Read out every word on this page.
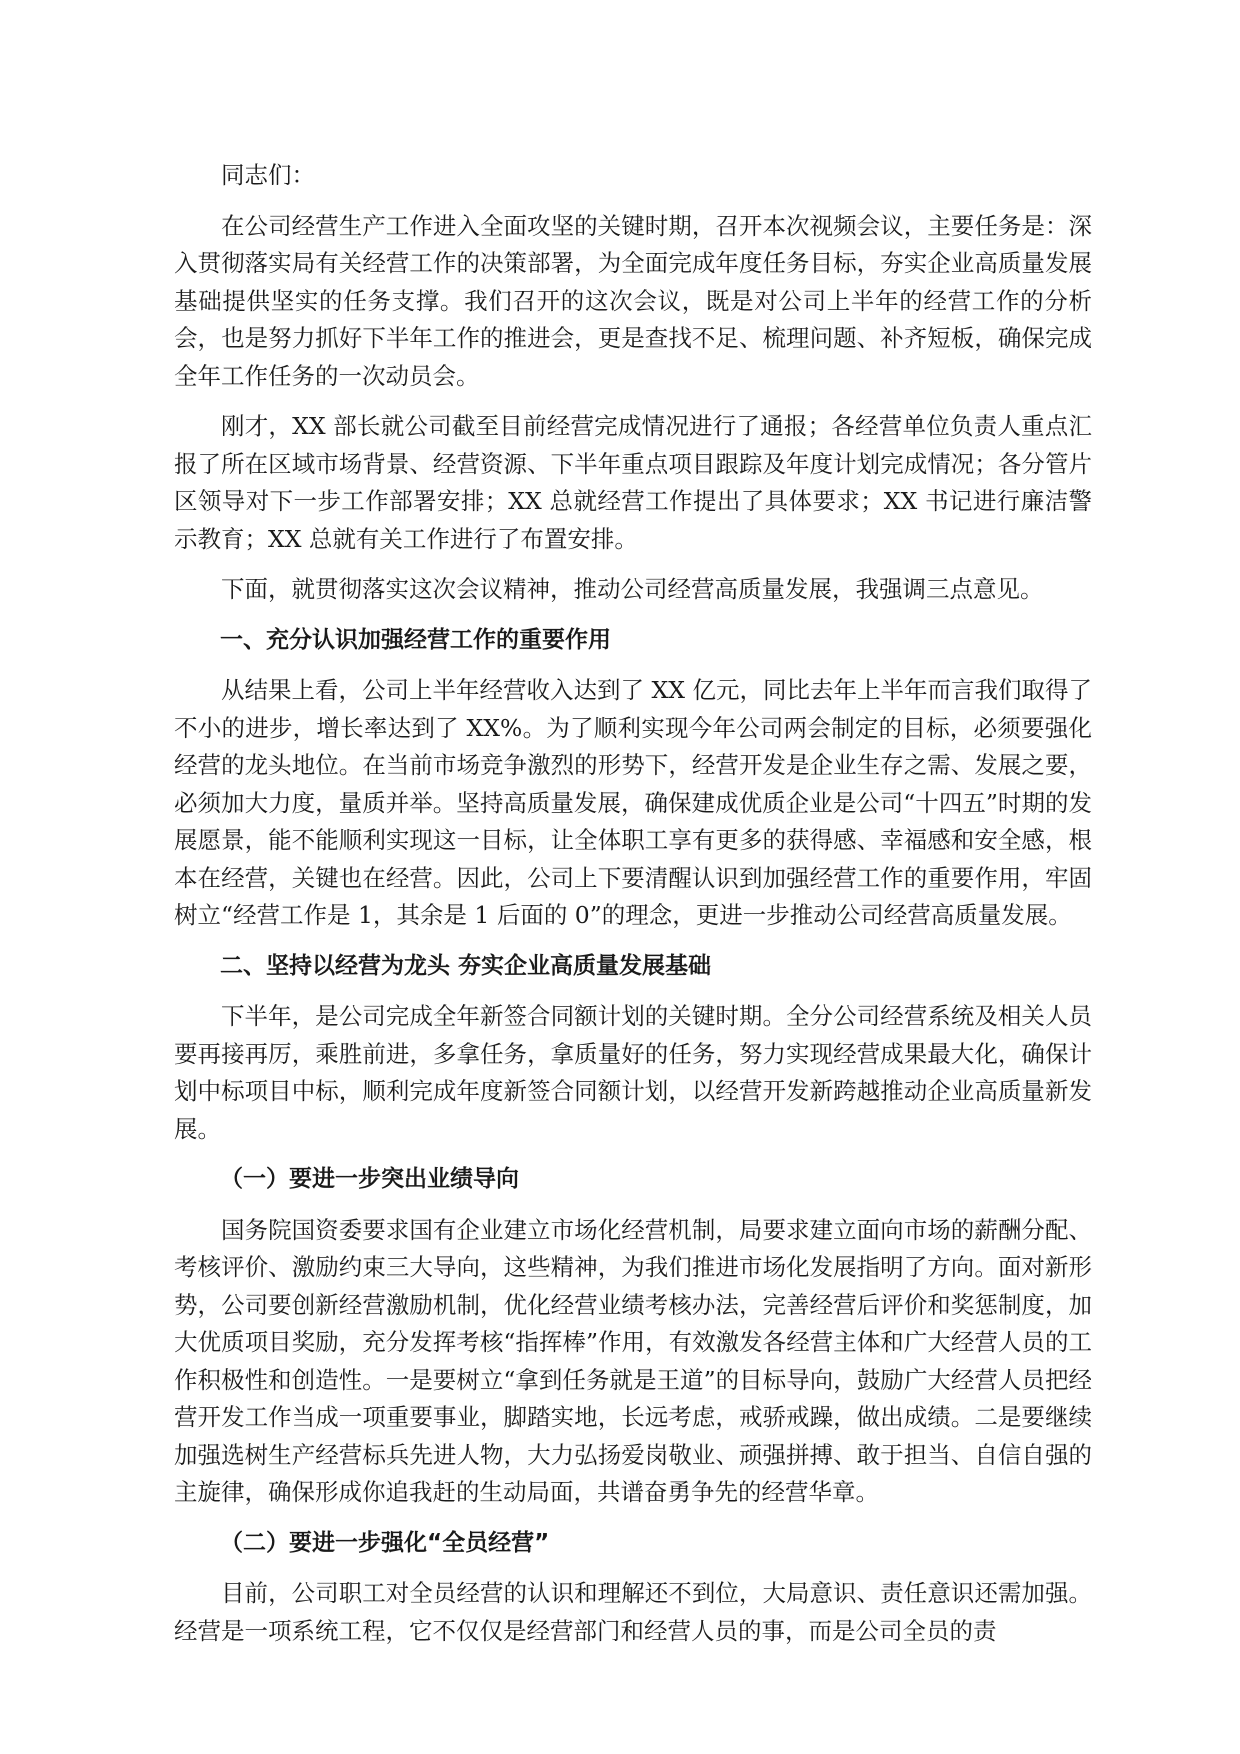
同志们：

在公司经营生产工作进入全面攻坚的关键时期，召开本次视频会议，主要任务是：深入贯彻落实局有关经营工作的决策部署，为全面完成年度任务目标，夯实企业高质量发展基础提供坚实的任务支撑。我们召开的这次会议，既是对公司上半年的经营工作的分析会，也是努力抓好下半年工作的推进会，更是查找不足、梳理问题、补齐短板，确保完成全年工作任务的一次动员会。

刚才，XX 部长就公司截至目前经营完成情况进行了通报；各经营单位负责人重点汇报了所在区域市场背景、经营资源、下半年重点项目跟踪及年度计划完成情况；各分管片区领导对下一步工作部署安排；XX 总就经营工作提出了具体要求；XX 书记进行廉洁警示教育；XX 总就有关工作进行了布置安排。

下面，就贯彻落实这次会议精神，推动公司经营高质量发展，我强调三点意见。

一、充分认识加强经营工作的重要作用

从结果上看，公司上半年经营收入达到了 XX 亿元，同比去年上半年而言我们取得了不小的进步，增长率达到了 XX%。为了顺利实现今年公司两会制定的目标，必须要强化经营的龙头地位。在当前市场竞争激烈的形势下，经营开发是企业生存之需、发展之要，必须加大力度，量质并举。坚持高质量发展，确保建成优质企业是公司“十四五”时期的发展愿景，能不能顺利实现这一目标，让全体职工享有更多的获得感、幸福感和安全感，根本在经营，关键也在经营。因此，公司上下要清醒认识到加强经营工作的重要作用，牢固树立“经营工作是 1，其余是 1 后面的 0”的理念，更进一步推动公司经营高质量发展。

二、坚持以经营为龙头 夯实企业高质量发展基础

下半年，是公司完成全年新签合同额计划的关键时期。全分公司经营系统及相关人员要再接再厉，乘胜前进，多拿任务，拿质量好的任务，努力实现经营成果最大化，确保计划中标项目中标，顺利完成年度新签合同额计划，以经营开发新跨越推动企业高质量新发展。

（一）要进一步突出业绩导向

国务院国资委要求国有企业建立市场化经营机制，局要求建立面向市场的薪酬分配、考核评价、激励约束三大导向，这些精神，为我们推进市场化发展指明了方向。面对新形势，公司要创新经营激励机制，优化经营业绩考核办法，完善经营后评价和奖惩制度，加大优质项目奖励，充分发挥考核“指挥棒”作用，有效激发各经营主体和广大经营人员的工作积极性和创造性。一是要树立“拿到任务就是王道”的目标导向，鼓励广大经营人员把经营开发工作当成一项重要事业，脚踏实地，长远考虑，戒骄戒躁，做出成绩。二是要继续加强选树生产经营标兵先进人物，大力弘扬爱岗敬业、顽强拼搏、敢于担当、自信自强的主旋律，确保形成你追我赶的生动局面，共谱奋勇争先的经营华章。

（二）要进一步强化“全员经营”

目前，公司职工对全员经营的认识和理解还不到位，大局意识、责任意识还需加强。经营是一项系统工程，它不仅仅是经营部门和经营人员的事，而是公司全员的责
